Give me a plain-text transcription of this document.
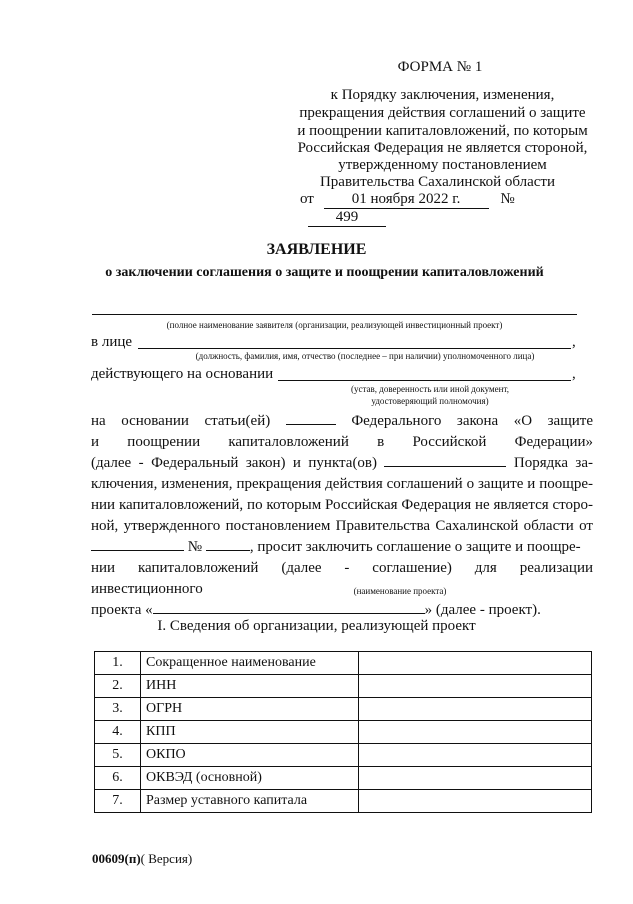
ФОРМА № 1
к Порядку заключения, изменения,
прекращения действия соглашений о защите
и поощрении капиталовложений, по которым
Российская Федерация не является стороной,
утвержденному постановлением
Правительства Сахалинской области
от	01 ноября 2022 г.	№ 499
ЗАЯВЛЕНИЕ
о заключении соглашения о защите и поощрении капиталовложений
(полное наименование заявителя (организации, реализующей инвестиционный проект)
в лице	,
(должность, фамилия, имя, отчество (последнее – при наличии) уполномоченного лица)
действующего на основании	,
(устав, доверенность или иной документ,
удостоверяющий полномочия)

на основании статьи(ей)	Федерального закона «О защите

и поощрении капиталовложений в Российской Федерации»

(далее - Федеральный закон) и пункта(ов)	Порядка за-

ключения, изменения, прекращения действия соглашений о защите и поощре-

нии капиталовложений, по которым Российская Федерация не является сторо-

ной, утвержденного постановлением Правительства Сахалинской области от

№	, просит заключить соглашение о защите и поощре-

нии капиталовложений (далее - соглашение) для реализации инвестиционного

проекта «	» (далее - проект).

(наименование проекта)
I. Сведения об организации, реализующей проект
1.	Сокращенное наименование	
2.	ИНН	
3.	ОГРН	
4.	КПП	
5.	ОКПО	
6.	ОКВЭД (основной)	
7.	Размер уставного капитала	
00609(п)( Версия)
